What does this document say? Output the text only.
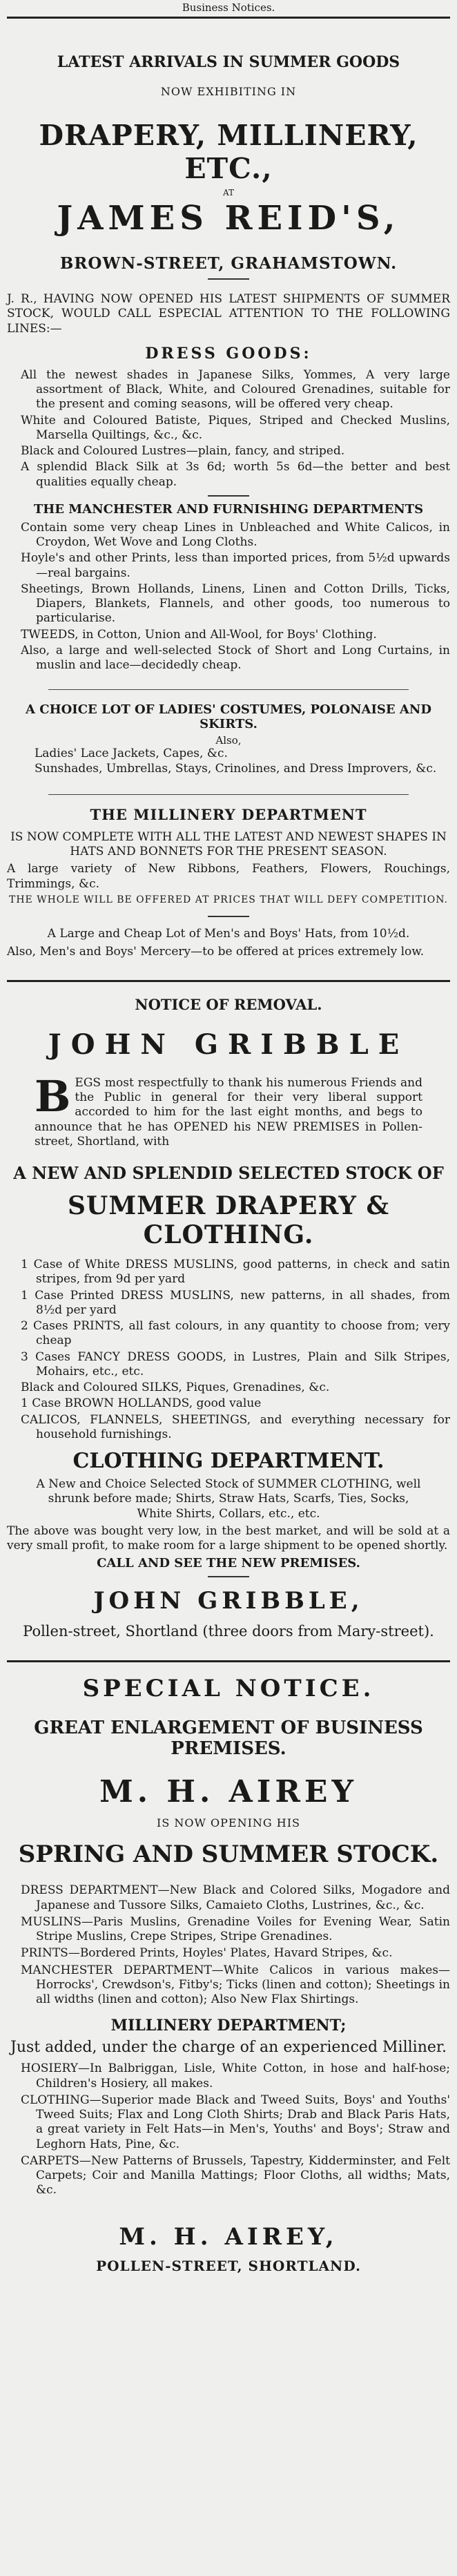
Business Notices.
LATEST ARRIVALS IN SUMMER GOODS
NOW EXHIBITING IN
DRAPERY, MILLINERY, ETC.,
AT
JAMES REID'S,
BROWN-STREET, GRAHAMSTOWN.

J. R., HAVING NOW OPENED HIS LATEST SHIPMENTS OF SUMMER STOCK, WOULD CALL ESPECIAL ATTENTION TO THE FOLLOWING LINES:—

DRESS GOODS:

All the newest shades in Japanese Silks, Yommes, A very large assortment of Black, White, and Coloured Grenadines, suitable for the present and coming seasons, will be offered very cheap.

White and Coloured Batiste, Piques, Striped and Checked Muslins, Marsella Quiltings, &c., &c.

Black and Coloured Lustres—plain, fancy, and striped.

A splendid Black Silk at 3s 6d; worth 5s 6d—the better and best qualities equally cheap.

THE MANCHESTER AND FURNISHING DEPARTMENTS

Contain some very cheap Lines in Unbleached and White Calicos, in Croydon, Wet Wove and Long Cloths.

Hoyle's and other Prints, less than imported prices, from 5½d upwards—real bargains.

Sheetings, Brown Hollands, Linens, Linen and Cotton Drills, Ticks, Diapers, Blankets, Flannels, and other goods, too numerous to particularise.

TWEEDS, in Cotton, Union and All-Wool, for Boys' Clothing.

Also, a large and well-selected Stock of Short and Long Curtains, in muslin and lace—decidedly cheap.

A CHOICE LOT OF LADIES' COSTUMES, POLONAISE AND SKIRTS.
Also,

Ladies' Lace Jackets, Capes, &c.

Sunshades, Umbrellas, Stays, Crinolines, and Dress Improvers, &c.

THE MILLINERY DEPARTMENT

IS NOW COMPLETE WITH ALL THE LATEST AND NEWEST SHAPES IN HATS AND BONNETS FOR THE PRESENT SEASON.

A large variety of New Ribbons, Feathers, Flowers, Rouchings, Trimmings, &c.

THE WHOLE WILL BE OFFERED AT PRICES THAT WILL DEFY COMPETITION.

A Large and Cheap Lot of Men's and Boys' Hats, from 10½d.

Also, Men's and Boys' Mercery—to be offered at prices extremely low.

NOTICE OF REMOVAL.
JOHN GRIBBLE
B EGS most respectfully to thank his numerous Friends and the Public in general for their very liberal support accorded to him for the last eight months, and begs to announce that he has OPENED his NEW PREMISES in Pollen-street, Shortland, with

A NEW AND SPLENDID SELECTED STOCK OF
SUMMER DRAPERY & CLOTHING.

1 Case of White DRESS MUSLINS, good patterns, in check and satin stripes, from 9d per yard

1 Case Printed DRESS MUSLINS, new patterns, in all shades, from 8½d per yard

2 Cases PRINTS, all fast colours, in any quantity to choose from; very cheap

3 Cases FANCY DRESS GOODS, in Lustres, Plain and Silk Stripes, Mohairs, etc., etc.

Black and Coloured SILKS, Piques, Grenadines, &c.

1 Case BROWN HOLLANDS, good value

CALICOS, FLANNELS, SHEETINGS, and everything necessary for household furnishings.

CLOTHING DEPARTMENT.

A New and Choice Selected Stock of SUMMER CLOTHING, well shrunk before made; Shirts, Straw Hats, Scarfs, Ties, Socks, White Shirts, Collars, etc., etc.

The above was bought very low, in the best market, and will be sold at a very small profit, to make room for a large shipment to be opened shortly.

CALL AND SEE THE NEW PREMISES.
JOHN GRIBBLE,
Pollen-street, Shortland (three doors from Mary-street).
SPECIAL NOTICE.
GREAT ENLARGEMENT OF BUSINESS PREMISES.
M. H. AIREY
IS NOW OPENING HIS
SPRING AND SUMMER STOCK.

DRESS DEPARTMENT—New Black and Colored Silks, Mogadore and Japanese and Tussore Silks, Camaieto Cloths, Lustrines, &c., &c.

MUSLINS—Paris Muslins, Grenadine Voiles for Evening Wear, Satin Stripe Muslins, Crepe Stripes, Stripe Grenadines.

PRINTS—Bordered Prints, Hoyles' Plates, Havard Stripes, &c.

MANCHESTER DEPARTMENT—White Calicos in various makes—Horrocks', Crewdson's, Fitby's; Ticks (linen and cotton); Sheetings in all widths (linen and cotton); Also New Flax Shirtings.

MILLINERY DEPARTMENT;
Just added, under the charge of an experienced Milliner.

HOSIERY—In Balbriggan, Lisle, White Cotton, in hose and half-hose; Children's Hosiery, all makes.

CLOTHING—Superior made Black and Tweed Suits, Boys' and Youths' Tweed Suits; Flax and Long Cloth Shirts; Drab and Black Paris Hats, a great variety in Felt Hats—in Men's, Youths' and Boys'; Straw and Leghorn Hats, Pine, &c.

CARPETS—New Patterns of Brussels, Tapestry, Kidderminster, and Felt Carpets; Coir and Manilla Mattings; Floor Cloths, all widths; Mats, &c.

M. H. AIREY,
POLLEN-STREET, SHORTLAND.
